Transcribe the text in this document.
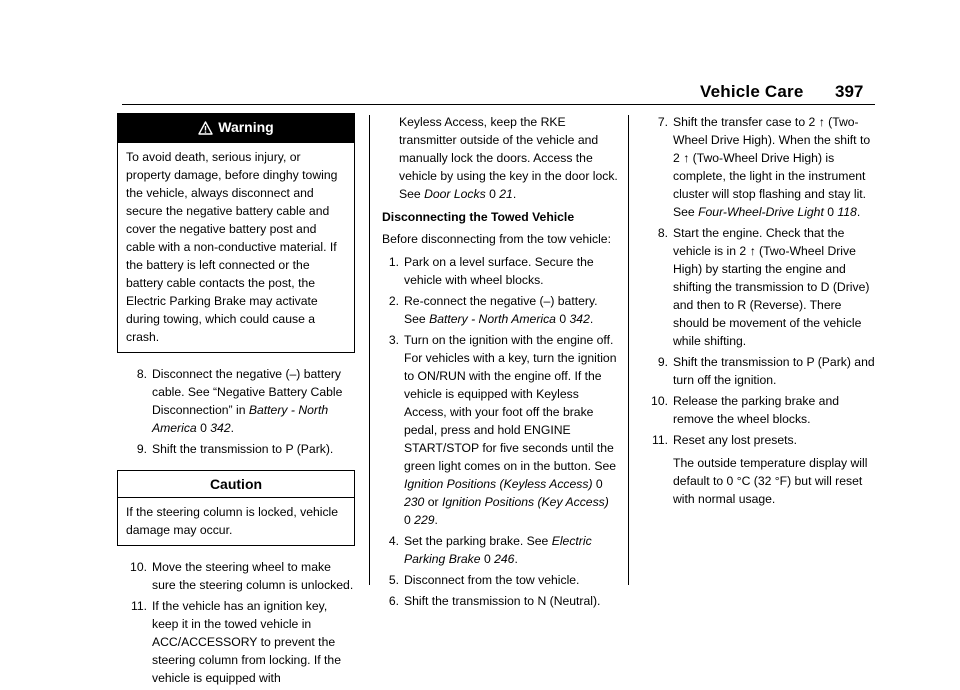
Vehicle Care 397
Warning
To avoid death, serious injury, or property damage, before dinghy towing the vehicle, always disconnect and secure the negative battery cable and cover the negative battery post and cable with a non-conductive material. If the battery is left connected or the battery cable contacts the post, the Electric Parking Brake may activate during towing, which could cause a crash.
8. Disconnect the negative (–) battery cable. See “Negative Battery Cable Disconnection” in Battery - North America 0 342.
9. Shift the transmission to P (Park).
Caution
If the steering column is locked, vehicle damage may occur.
10. Move the steering wheel to make sure the steering column is unlocked.
11. If the vehicle has an ignition key, keep it in the towed vehicle in ACC/ACCESSORY to prevent the steering column from locking. If the vehicle is equipped with
Keyless Access, keep the RKE transmitter outside of the vehicle and manually lock the doors. Access the vehicle by using the key in the door lock. See Door Locks 0 21.
Disconnecting the Towed Vehicle
Before disconnecting from the tow vehicle:
1. Park on a level surface. Secure the vehicle with wheel blocks.
2. Re-connect the negative (–) battery. See Battery - North America 0 342.
3. Turn on the ignition with the engine off. For vehicles with a key, turn the ignition to ON/RUN with the engine off. If the vehicle is equipped with Keyless Access, with your foot off the brake pedal, press and hold ENGINE START/STOP for five seconds until the green light comes on in the button. See Ignition Positions (Keyless Access) 0 230 or Ignition Positions (Key Access) 0 229.
4. Set the parking brake. See Electric Parking Brake 0 246.
5. Disconnect from the tow vehicle.
6. Shift the transmission to N (Neutral).
7. Shift the transfer case to 2 ↑ (Two-Wheel Drive High). When the shift to 2 ↑ (Two-Wheel Drive High) is complete, the light in the instrument cluster will stop flashing and stay lit. See Four-Wheel-Drive Light 0 118.
8. Start the engine. Check that the vehicle is in 2 ↑ (Two-Wheel Drive High) by starting the engine and shifting the transmission to D (Drive) and then to R (Reverse). There should be movement of the vehicle while shifting.
9. Shift the transmission to P (Park) and turn off the ignition.
10. Release the parking brake and remove the wheel blocks.
11. Reset any lost presets.
The outside temperature display will default to 0 °C (32 °F) but will reset with normal usage.
